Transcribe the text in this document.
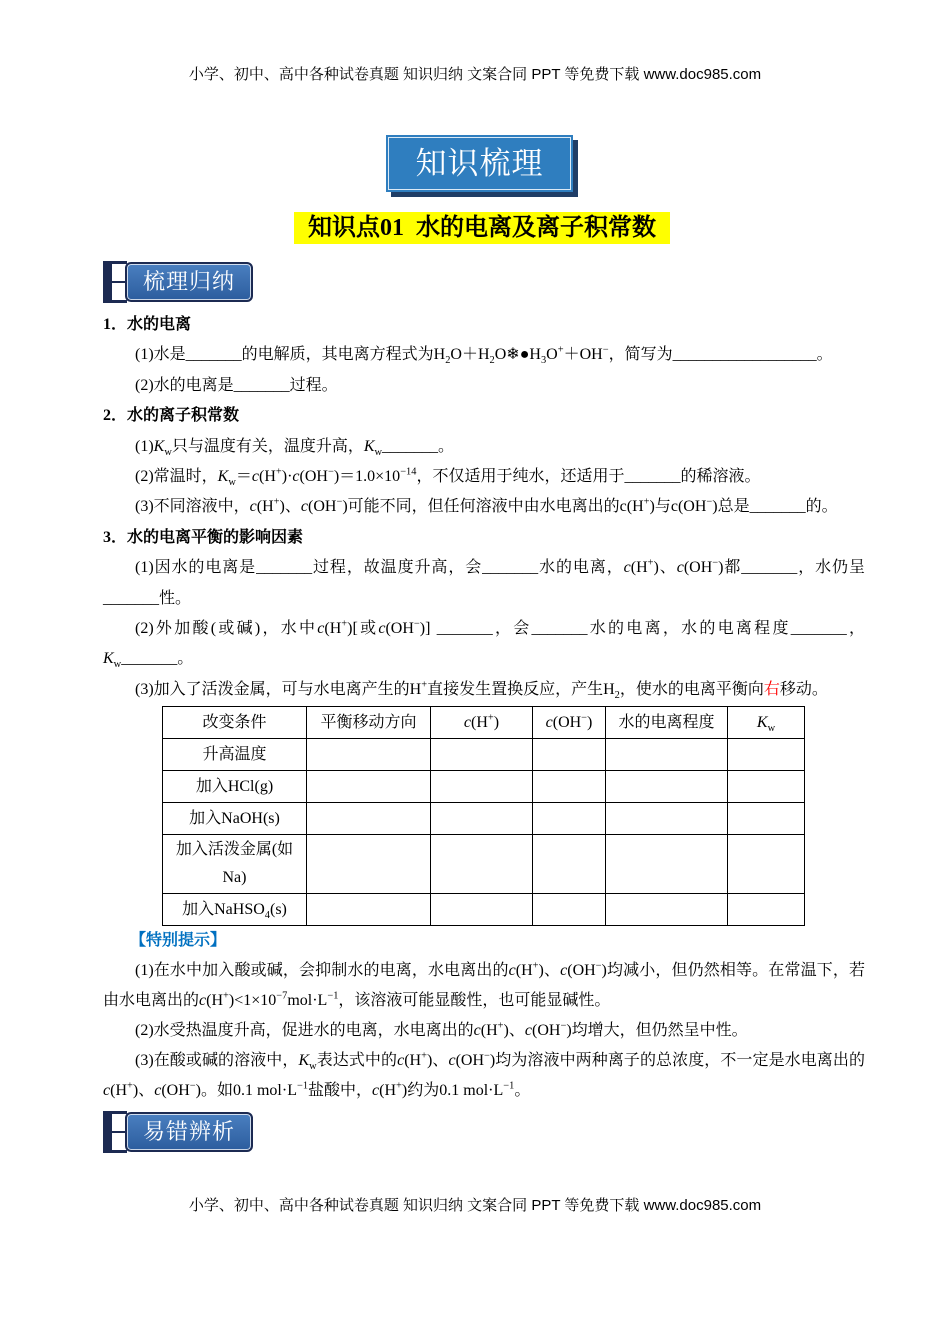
小学、初中、高中各种试卷真题 知识归纳 文案合同 PPT 等免费下载 www.doc985.com
知识梳理
知识点01 水的电离及离子积常数
梳理归纳

1．水的电离

(1)水是_______的电解质，其电离方程式为$H_2O+H_2O❄●H_3O^++OH^-$，简写为__________________。

(2)水的电离是_______过程。

2．水的离子积常数

$(1)K_w$只与温度有关，温度升高，$K_w\_\_\_\_\_\_\_$。

(2)常温时，$K_w=c(H^+)\cdot c(OH^-)=1.0\times 10^{-14}$，不仅适用于纯水，还适用于_______的稀溶液。

(3)不同溶液中，c(H+)、c(OH−)可能不同，但任何溶液中由水电离出的c(H+)与c(OH−)总是_______的。

3．水的电离平衡的影响因素

(1)因水的电离是_______过程，故温度升高，会_______水的电离，c(H+)、c(OH−)都_______，水仍呈_______性。

(2)外加酸(或碱)，水中c(H+)[或c(OH−)] _______，会_______水的电离，水的电离程度_______，$K_w\_\_\_\_\_\_\_$。

(3)加入了活泼金属，可与水电离产生的H+直接发生置换反应，产生$H_2$，使水的电离平衡向右移动。

改变条件	平衡移动方向	c(H+)	c(OH−)	水的电离程度	$K_w$
升高温度					
加入HCl(g)					
加入NaOH(s)					
加入活泼金属(如Na)					
加入NaHSO$_4$(s)					

【特别提示】

(1)在水中加入酸或碱，会抑制水的电离，水电离出的c(H+)、c(OH−)均减小，但仍然相等。在常温下，若由水电离出的$c(H^+)<1\times 10^{-7}mol\cdot L^{-1}$，该溶液可能显酸性，也可能显碱性。

(2)水受热温度升高，促进水的电离，水电离出的c(H+)、c(OH−)均增大，但仍然呈中性。

(3)在酸或碱的溶液中，$K_w$表达式中的c(H+)、c(OH−)均为溶液中两种离子的总浓度，不一定是水电离出的c(H+)、c(OH−)。如0.1 $mol\cdot L^{-1}$盐酸中，c(H+)约为0.1 $mol\cdot L^{-1}$。

易错辨析
小学、初中、高中各种试卷真题 知识归纳 文案合同 PPT 等免费下载 www.doc985.com
